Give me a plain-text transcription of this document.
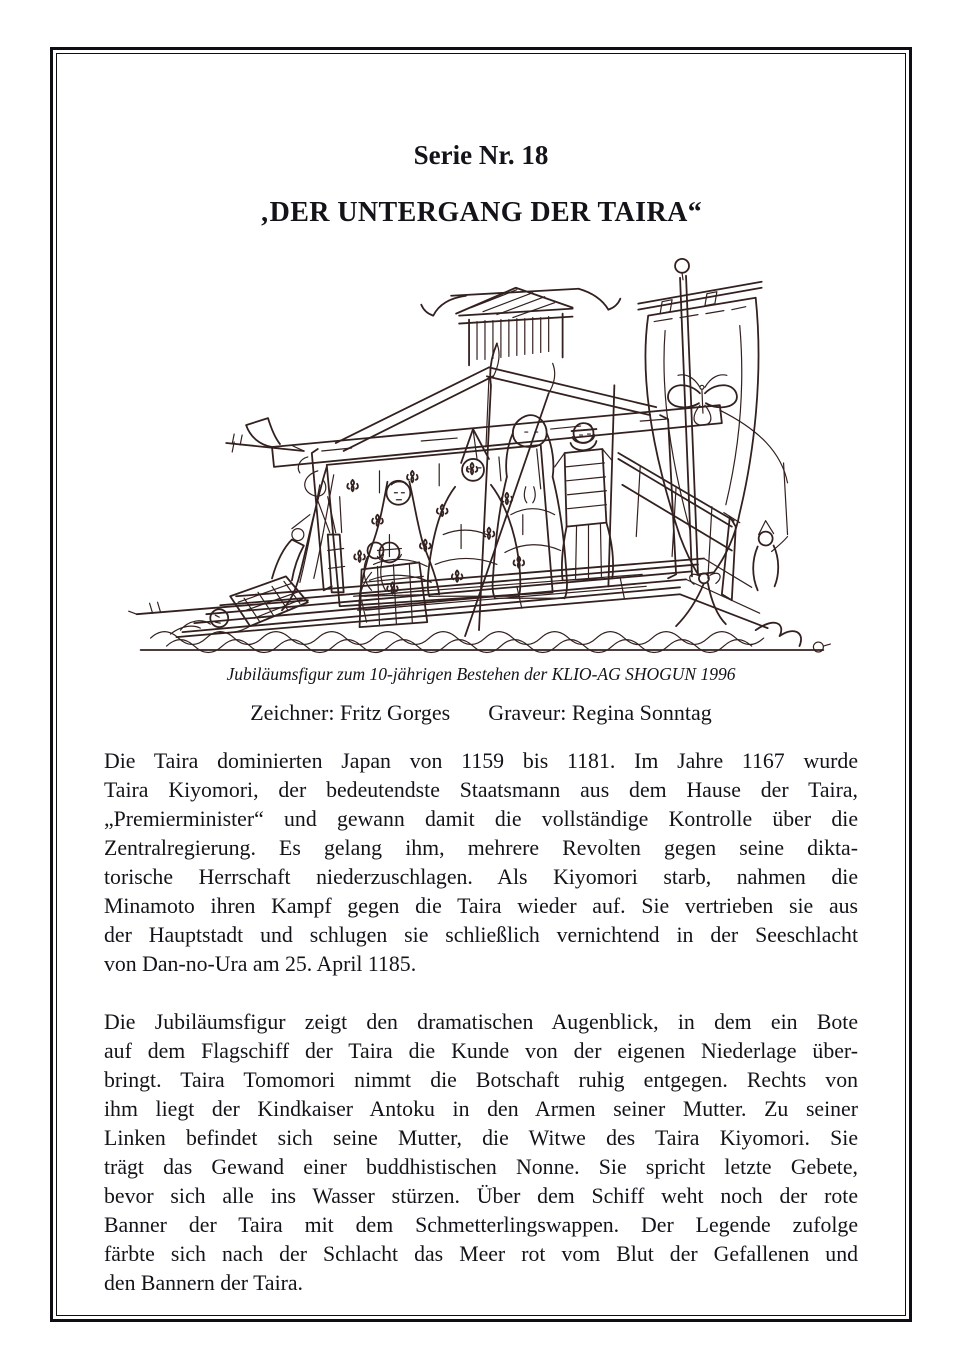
Serie Nr. 18
‚DER UNTERGANG DER TAIRA“
Jubiläumsfigur zum 10-jährigen Bestehen der KLIO-AG SHOGUN 1996
Zeichner: Fritz Gorges Graveur: Regina Sonntag
Die Taira dominierten Japan von 1159 bis 1181. Im Jahre 1167 wurde
Taira Kiyomori, der bedeutendste Staatsmann aus dem Hause der Taira,
„Premierminister“ und gewann damit die vollständige Kontrolle über die
Zentralregierung. Es gelang ihm, mehrere Revolten gegen seine dikta-
torische Herrschaft niederzuschlagen. Als Kiyomori starb, nahmen die
Minamoto ihren Kampf gegen die Taira wieder auf. Sie vertrieben sie aus
der Hauptstadt und schlugen sie schließlich vernichtend in der Seeschlacht
von Dan-no-Ura am 25. April 1185.
Die Jubiläumsfigur zeigt den dramatischen Augenblick, in dem ein Bote
auf dem Flagschiff der Taira die Kunde von der eigenen Niederlage über-
bringt. Taira Tomomori nimmt die Botschaft ruhig entgegen. Rechts von
ihm liegt der Kindkaiser Antoku in den Armen seiner Mutter. Zu seiner
Linken befindet sich seine Mutter, die Witwe des Taira Kiyomori. Sie
trägt das Gewand einer buddhistischen Nonne. Sie spricht letzte Gebete,
bevor sich alle ins Wasser stürzen. Über dem Schiff weht noch der rote
Banner der Taira mit dem Schmetterlingswappen. Der Legende zufolge
färbte sich nach der Schlacht das Meer rot vom Blut der Gefallenen und
den Bannern der Taira.
